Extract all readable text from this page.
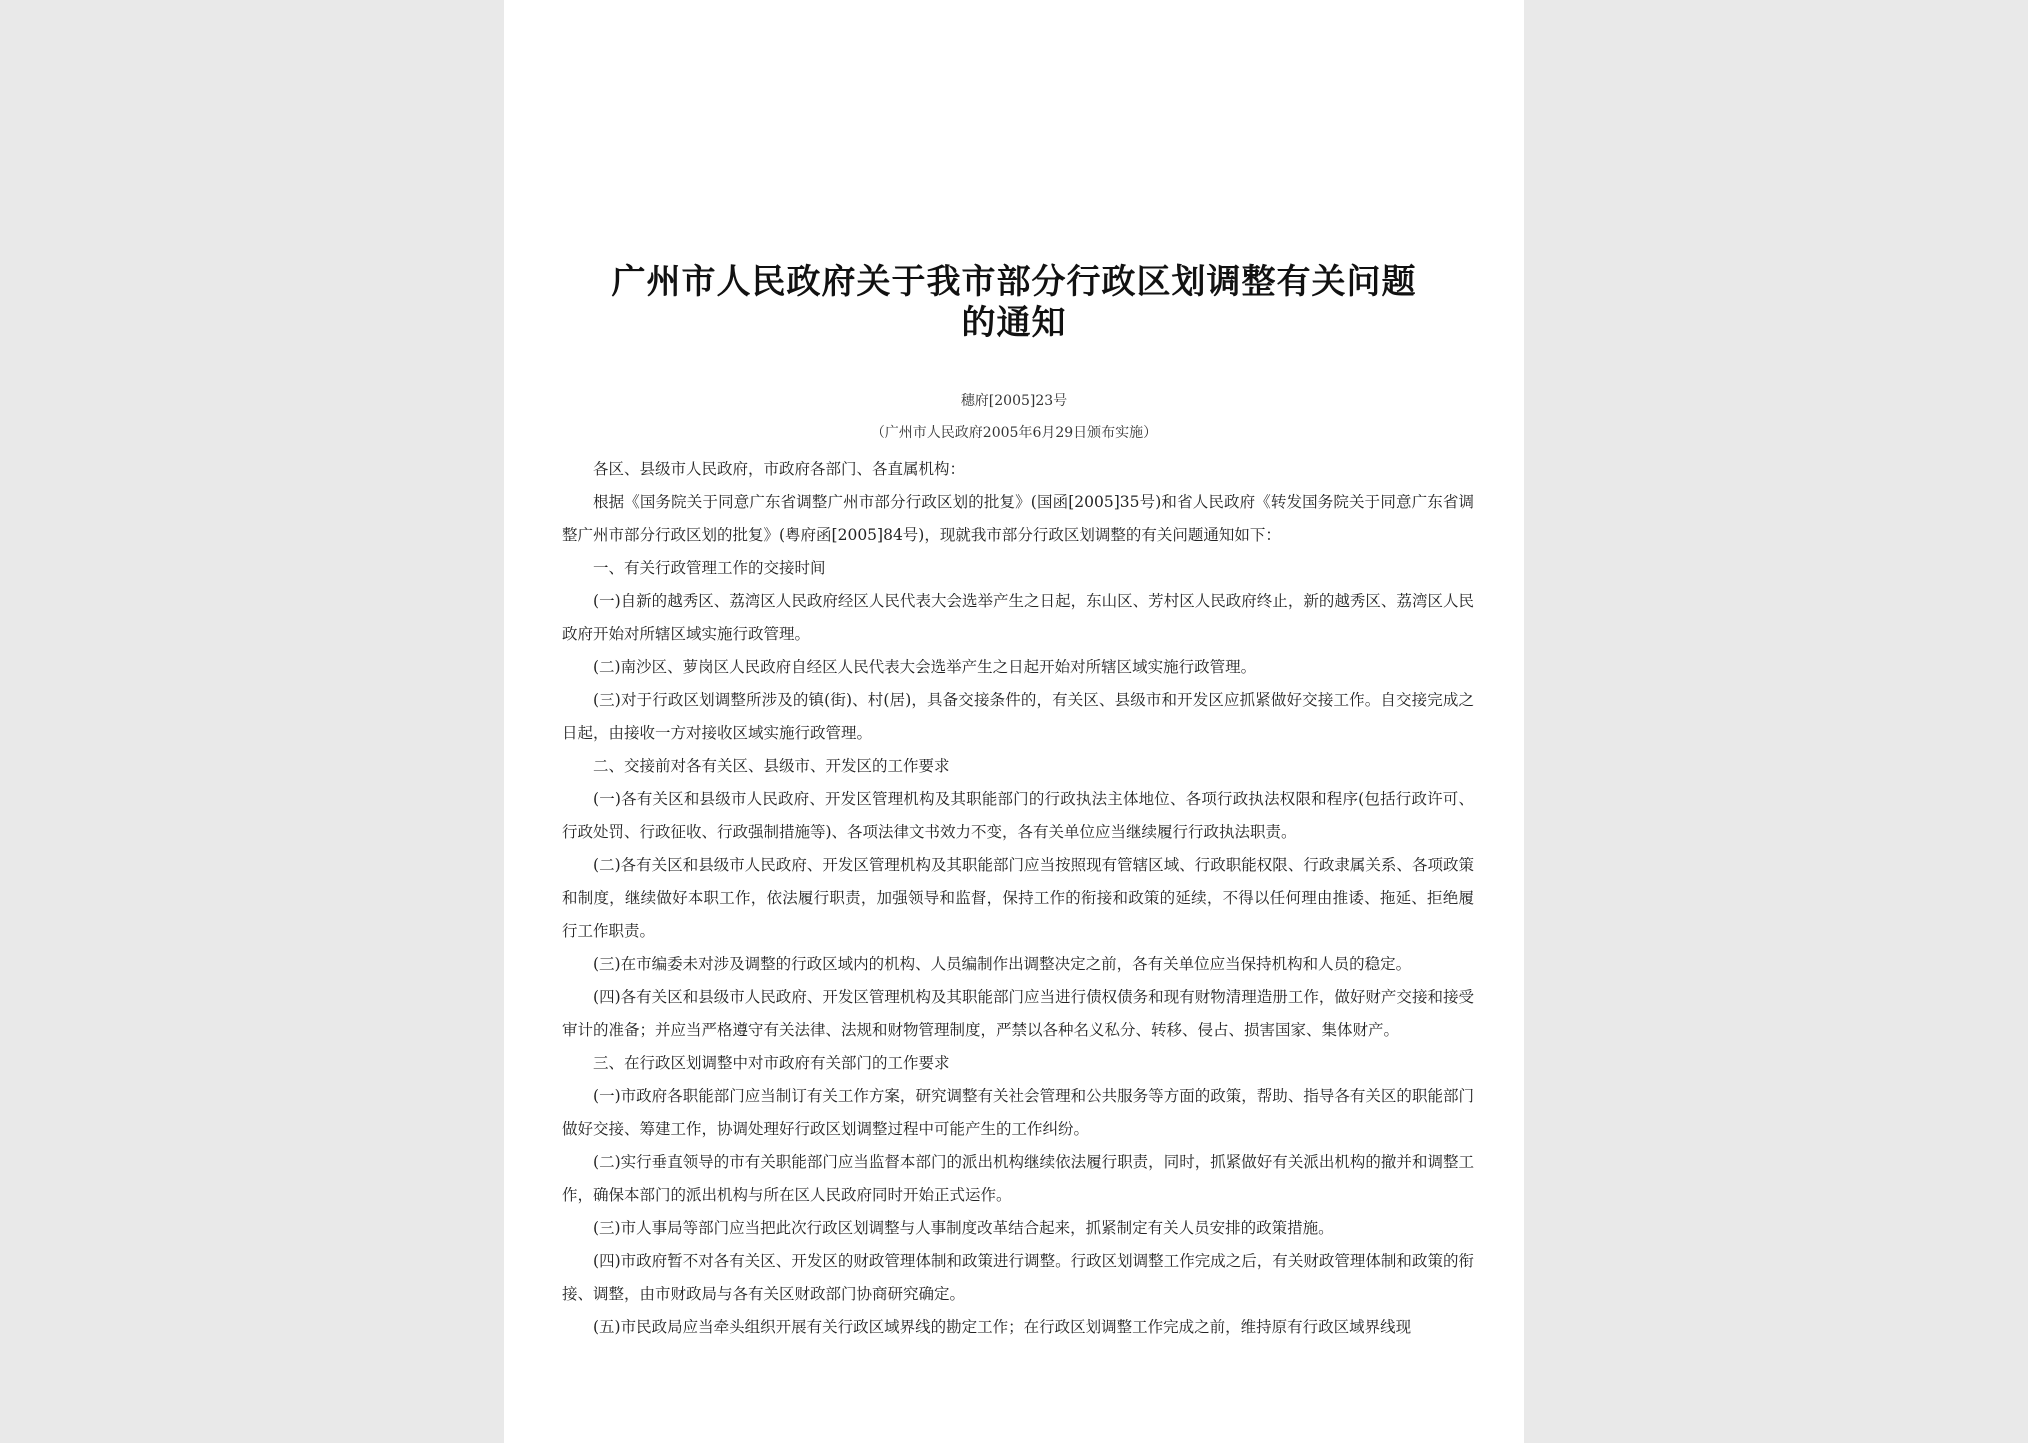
广州市人民政府关于我市部分行政区划调整有关问题
的通知
穗府[2005]23号
（广州市人民政府2005年6月29日颁布实施）

各区、县级市人民政府，市政府各部门、各直属机构：

根据《国务院关于同意广东省调整广州市部分行政区划的批复》(国函[2005]35号)和省人民政府《转发国务院关于同意广东省调整广州市部分行政区划的批复》(粤府函[2005]84号)，现就我市部分行政区划调整的有关问题通知如下：

一、有关行政管理工作的交接时间

(一)自新的越秀区、荔湾区人民政府经区人民代表大会选举产生之日起，东山区、芳村区人民政府终止，新的越秀区、荔湾区人民政府开始对所辖区域实施行政管理。

(二)南沙区、萝岗区人民政府自经区人民代表大会选举产生之日起开始对所辖区域实施行政管理。

(三)对于行政区划调整所涉及的镇(街)、村(居)，具备交接条件的，有关区、县级市和开发区应抓紧做好交接工作。自交接完成之日起，由接收一方对接收区域实施行政管理。

二、交接前对各有关区、县级市、开发区的工作要求

(一)各有关区和县级市人民政府、开发区管理机构及其职能部门的行政执法主体地位、各项行政执法权限和程序(包括行政许可、行政处罚、行政征收、行政强制措施等)、各项法律文书效力不变，各有关单位应当继续履行行政执法职责。

(二)各有关区和县级市人民政府、开发区管理机构及其职能部门应当按照现有管辖区域、行政职能权限、行政隶属关系、各项政策和制度，继续做好本职工作，依法履行职责，加强领导和监督，保持工作的衔接和政策的延续，不得以任何理由推诿、拖延、拒绝履行工作职责。

(三)在市编委未对涉及调整的行政区域内的机构、人员编制作出调整决定之前，各有关单位应当保持机构和人员的稳定。

(四)各有关区和县级市人民政府、开发区管理机构及其职能部门应当进行债权债务和现有财物清理造册工作，做好财产交接和接受审计的准备；并应当严格遵守有关法律、法规和财物管理制度，严禁以各种名义私分、转移、侵占、损害国家、集体财产。

三、在行政区划调整中对市政府有关部门的工作要求

(一)市政府各职能部门应当制订有关工作方案，研究调整有关社会管理和公共服务等方面的政策，帮助、指导各有关区的职能部门做好交接、筹建工作，协调处理好行政区划调整过程中可能产生的工作纠纷。

(二)实行垂直领导的市有关职能部门应当监督本部门的派出机构继续依法履行职责，同时，抓紧做好有关派出机构的撤并和调整工作，确保本部门的派出机构与所在区人民政府同时开始正式运作。

(三)市人事局等部门应当把此次行政区划调整与人事制度改革结合起来，抓紧制定有关人员安排的政策措施。

(四)市政府暂不对各有关区、开发区的财政管理体制和政策进行调整。行政区划调整工作完成之后，有关财政管理体制和政策的衔接、调整，由市财政局与各有关区财政部门协商研究确定。

(五)市民政局应当牵头组织开展有关行政区域界线的勘定工作；在行政区划调整工作完成之前，维持原有行政区域界线现
